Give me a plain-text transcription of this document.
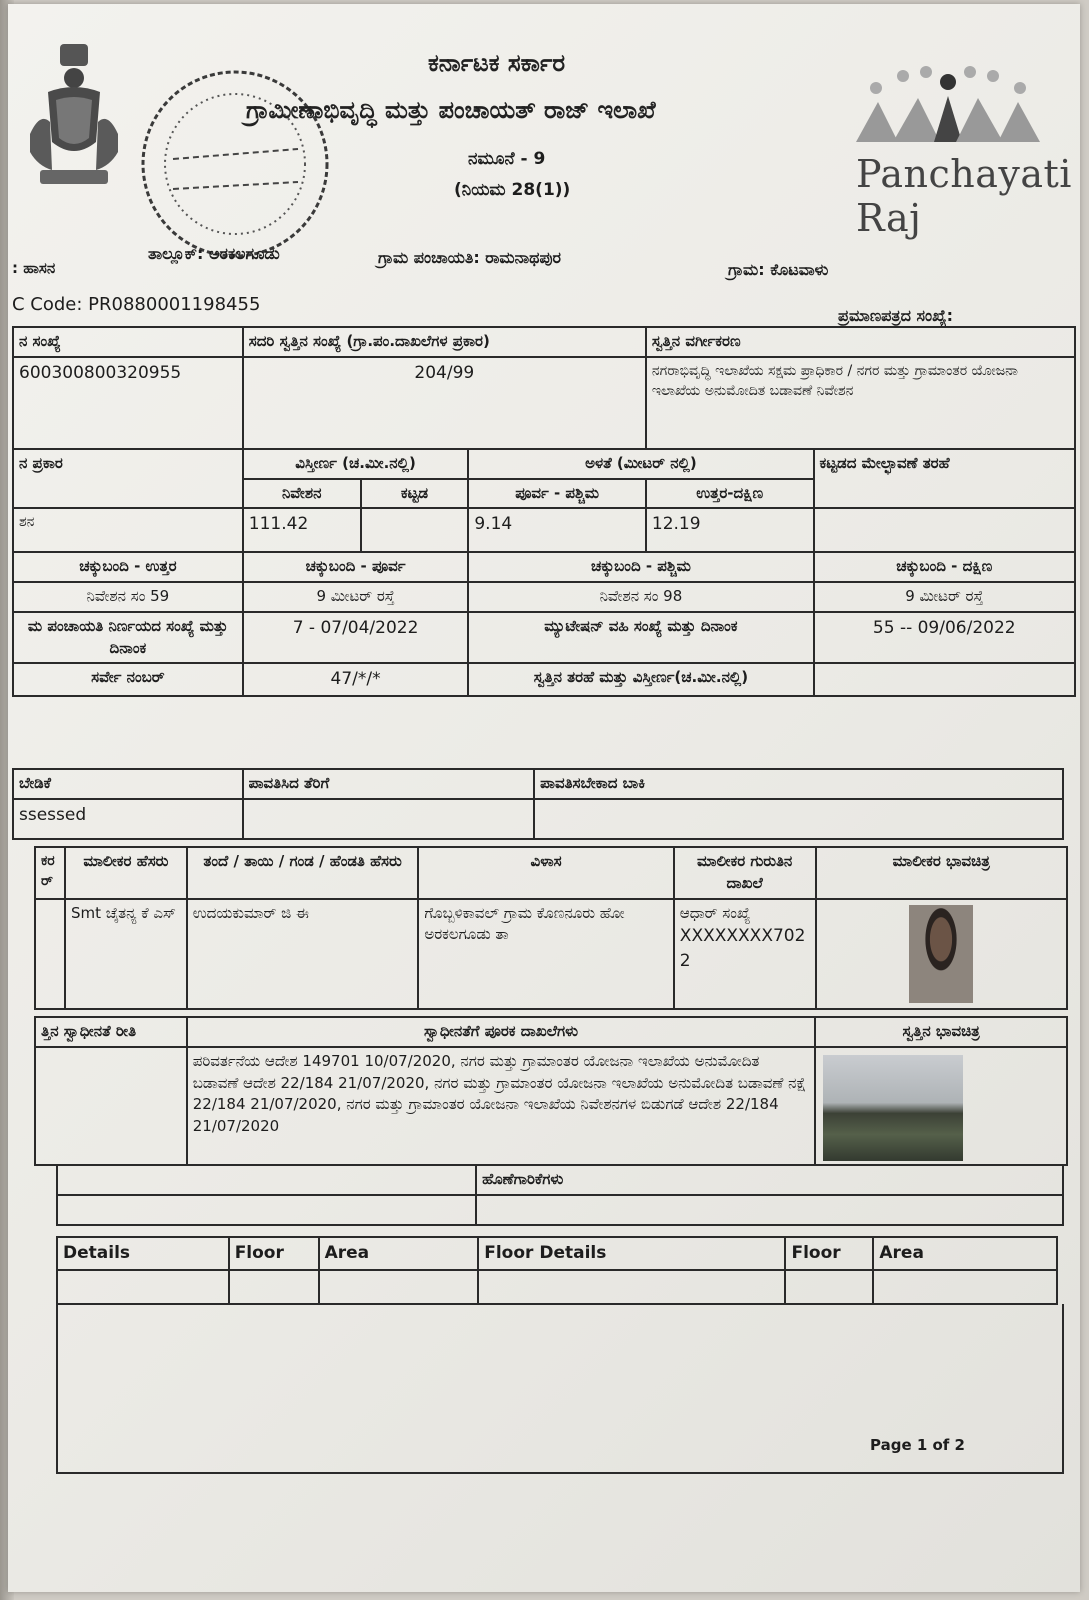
Panchayati Raj
ಕರ್ನಾಟಕ ಸರ್ಕಾರ
ಗ್ರಾಮೀಣಾಭಿವೃದ್ಧಿ ಮತ್ತು ಪಂಚಾಯತ್ ರಾಜ್ ಇಲಾಖೆ
ನಮೂನೆ - 9
(ನಿಯಮ 28(1))
: ಹಾಸನ
ತಾಲ್ಲೂಕ್: ಅರಕಲಗೂಡು	ಗ್ರಾಮ ಪಂಚಾಯತಿ: ರಾಮನಾಥಪುರ
ಗ್ರಾಮ: ಕೊಟವಾಳು
C Code: PR0880001198455
ಪ್ರಮಾಣಪತ್ರದ ಸಂಖ್ಯೆ:
ನ ಸಂಖ್ಯೆ	ಸದರಿ ಸ್ವತ್ತಿನ ಸಂಖ್ಯೆ (ಗ್ರಾ.ಪಂ.ದಾಖಲೆಗಳ ಪ್ರಕಾರ)			ಸ್ವತ್ತಿನ ವರ್ಗೀಕರಣ	
600300800320955	204/99			ನಗರಾಭಿವೃದ್ಧಿ ಇಲಾಖೆಯ ಸಕ್ಷಮ ಪ್ರಾಧಿಕಾರ / ನಗರ ಮತ್ತು ಗ್ರಾಮಾಂತರ ಯೋಜನಾ ಇಲಾಖೆಯ ಅನುಮೋದಿತ ಬಡಾವಣೆ ನಿವೇಶನ	
ನ ಪ್ರಕಾರ	ವಿಸ್ತೀರ್ಣ (ಚ.ಮೀ.ನಲ್ಲಿ)		ಅಳತೆ (ಮೀಟರ್ ನಲ್ಲಿ)		ಕಟ್ಟಡದ ಮೇಲ್ಛಾವಣೆ ತರಹೆ
	ನಿವೇಶನ	ಕಟ್ಟಡ	ಪೂರ್ವ - ಪಶ್ಚಿಮ	ಉತ್ತರ-ದಕ್ಷಿಣ	
ಶನ	111.42		9.14	12.19	
ಚಕ್ಕುಬಂದಿ - ಉತ್ತರ	ಚಕ್ಕುಬಂದಿ - ಪೂರ್ವ		ಚಕ್ಕುಬಂದಿ - ಪಶ್ಚಿಮ		ಚಕ್ಕುಬಂದಿ - ದಕ್ಷಿಣ
ನಿವೇಶನ ಸಂ 59	9 ಮೀಟರ್ ರಸ್ತೆ		ನಿವೇಶನ ಸಂ 98		9 ಮೀಟರ್ ರಸ್ತೆ
ಮ ಪಂಚಾಯತಿ ನಿರ್ಣಯದ ಸಂಖ್ಯೆ ಮತ್ತು ದಿನಾಂಕ	7 - 07/04/2022		ಮ್ಯುಟೇಷನ್ ವಹಿ ಸಂಖ್ಯೆ ಮತ್ತು ದಿನಾಂಕ		55 -- 09/06/2022
ಸರ್ವೇ ನಂಬರ್	47/*/*		ಸ್ವತ್ತಿನ ತರಹೆ ಮತ್ತು ವಿಸ್ತೀರ್ಣ(ಚ.ಮೀ.ನಲ್ಲಿ)		
ಬೇಡಿಕೆ	ಪಾವತಿಸಿದ ತೆರಿಗೆ	ಪಾವತಿಸಬೇಕಾದ ಬಾಕಿ
ssessed		
ಕರ ರ್	ಮಾಲೀಕರ ಹೆಸರು	ತಂದೆ / ತಾಯಿ / ಗಂಡ / ಹೆಂಡತಿ ಹೆಸರು	ವಿಳಾಸ	ಮಾಲೀಕರ ಗುರುತಿನ ದಾಖಲೆ	ಮಾಲೀಕರ ಭಾವಚಿತ್ರ
	Smt ಚೈತನ್ಯ ಕೆ ಎಸ್	ಉದಯಕುಮಾರ್ ಜಿ ಈ	ಗೊಬ್ಬಳಿಕಾವಲ್ ಗ್ರಾಮ ಕೊಣನೂರು ಹೋ ಅರಕಲಗೂಡು ತಾ	ಆಧಾರ್ ಸಂಖ್ಯೆ
XXXXXXXX7022	

ತ್ತಿನ ಸ್ವಾಧೀನತೆ ರೀತಿ	ಸ್ವಾಧೀನತೆಗೆ ಪೂರಕ ದಾಖಲೆಗಳು	ಸ್ವತ್ತಿನ ಭಾವಚಿತ್ರ
	ಪರಿವರ್ತನೆಯ ಆದೇಶ 149701 10/07/2020, ನಗರ ಮತ್ತು ಗ್ರಾಮಾಂತರ ಯೋಜನಾ ಇಲಾಖೆಯ ಅನುಮೋದಿತ ಬಡಾವಣೆ ಆದೇಶ 22/184 21/07/2020, ನಗರ ಮತ್ತು ಗ್ರಾಮಾಂತರ ಯೋಜನಾ ಇಲಾಖೆಯ ಅನುಮೋದಿತ ಬಡಾವಣೆ ನಕ್ಷೆ 22/184 21/07/2020, ನಗರ ಮತ್ತು ಗ್ರಾಮಾಂತರ ಯೋಜನಾ ಇಲಾಖೆಯ ನಿವೇಶನಗಳ ಬಿಡುಗಡೆ ಆದೇಶ 22/184 21/07/2020	
	ಹೊಣೆಗಾರಿಕೆಗಳು

Details	Floor	Area	Floor Details	Floor	Area

Page 1 of 2
